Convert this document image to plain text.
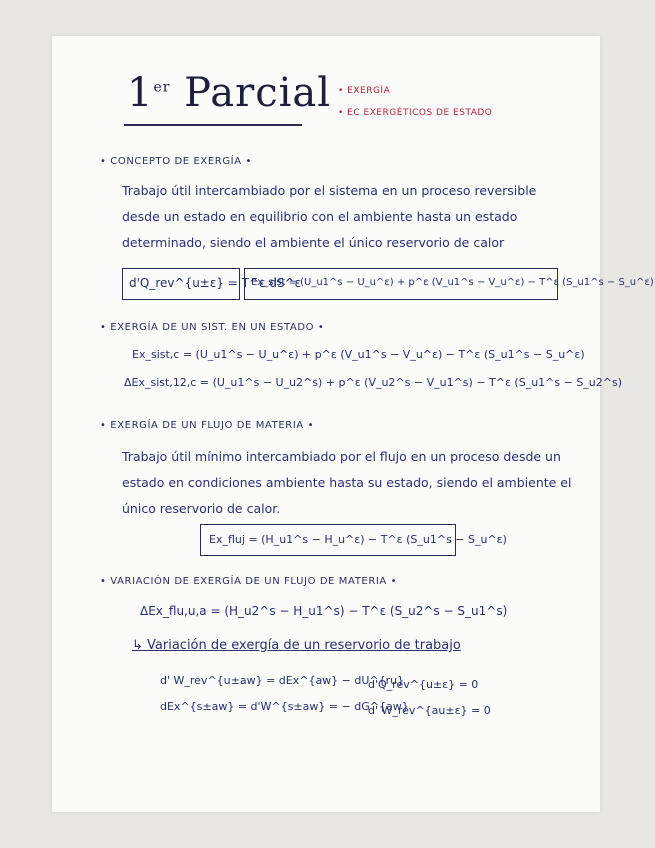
1er Parcial • EXERGÍA
• EC EXERGÉTICOS DE ESTADO
• CONCEPTO DE EXERGÍA •
Trabajo útil intercambiado por el sistema en un proceso reversible desde un estado en equilibrio con el ambiente hasta un estado determinado, siendo el ambiente el único reservorio de calor
d'Q_rev^{u±ε} = T^ε dS^ε
Ex_sist = (U_u1^s − U_u^ε) + p^ε (V_u1^s − V_u^ε) − T^ε (S_u1^s − S_u^ε)
• EXERGÍA DE UN SIST. EN UN ESTADO •
Ex_sist,c = (U_u1^s − U_u^ε) + p^ε (V_u1^s − V_u^ε) − T^ε (S_u1^s − S_u^ε)
ΔEx_sist,12,c = (U_u1^s − U_u2^s) + p^ε (V_u2^s − V_u1^s) − T^ε (S_u1^s − S_u2^s)
• EXERGÍA DE UN FLUJO DE MATERIA •
Trabajo útil mínimo intercambiado por el flujo en un proceso desde un estado en condiciones ambiente hasta su estado, siendo el ambiente el único reservorio de calor.
Ex_fluj = (H_u1^s − H_u^ε) − T^ε (S_u1^s − S_u^ε)
• VARIACIÓN DE EXERGÍA DE UN FLUJO DE MATERIA •
ΔEx_flu,u,a = (H_u2^s − H_u1^s) − T^ε (S_u2^s − S_u1^s)
↳ Variación de exergía de un reservorio de trabajo
d' W_rev^{u±aw} = dEx^{aw} − dU^{ru}
dEx^{s±aw} = d'W^{s±aw} = − dG^{aw}
d'Q_rev^{u±ε} = 0
d' W_rev^{au±ε} = 0
